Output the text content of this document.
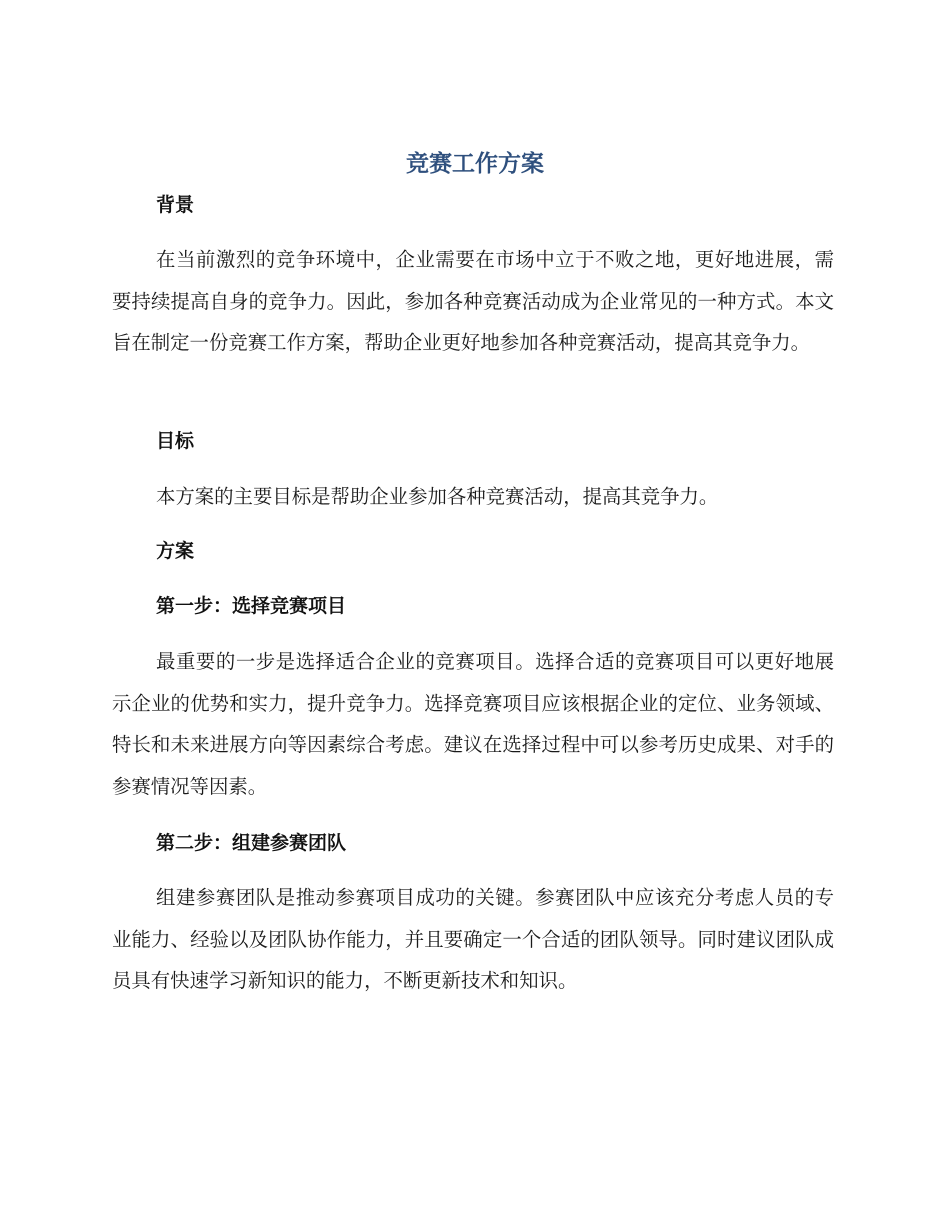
竞赛工作方案
背景

在当前激烈的竞争环境中，企业需要在市场中立于不败之地，更好地进展，需要持续提高自身的竞争力。因此，参加各种竞赛活动成为企业常见的一种方式。本文旨在制定一份竞赛工作方案，帮助企业更好地参加各种竞赛活动，提高其竞争力。

目标

本方案的主要目标是帮助企业参加各种竞赛活动，提高其竞争力。

方案
第一步：选择竞赛项目

最重要的一步是选择适合企业的竞赛项目。选择合适的竞赛项目可以更好地展示企业的优势和实力，提升竞争力。选择竞赛项目应该根据企业的定位、业务领域、特长和未来进展方向等因素综合考虑。建议在选择过程中可以参考历史成果、对手的参赛情况等因素。

第二步：组建参赛团队

组建参赛团队是推动参赛项目成功的关键。参赛团队中应该充分考虑人员的专业能力、经验以及团队协作能力，并且要确定一个合适的团队领导。同时建议团队成员具有快速学习新知识的能力，不断更新技术和知识。
